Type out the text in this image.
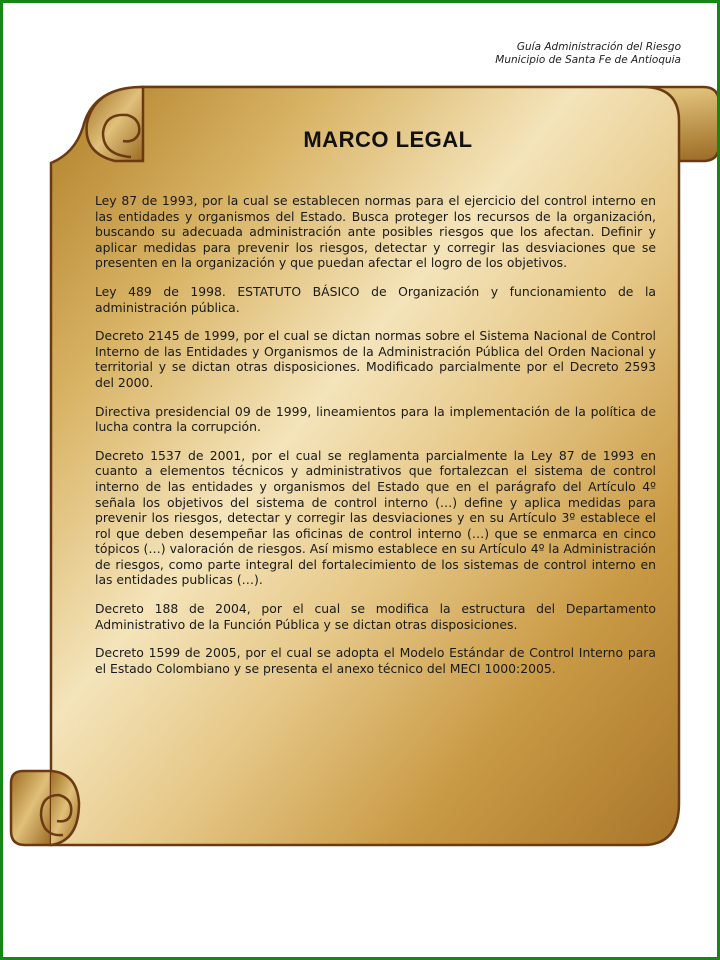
Guía Administración del Riesgo
Municipio de Santa Fe de Antioquia
MARCO LEGAL

Ley 87 de 1993, por la cual se establecen normas para el ejercicio del control interno en las entidades y organismos del Estado. Busca proteger los recursos de la organización, buscando su adecuada administración ante posibles riesgos que los afectan. Definir y aplicar medidas para prevenir los riesgos, detectar y corregir las desviaciones que se presenten en la organización y que puedan afectar el logro de los objetivos.

Ley 489 de 1998. ESTATUTO BÁSICO de Organización y funcionamiento de la administración pública.

Decreto 2145 de 1999, por el cual se dictan normas sobre el Sistema Nacional de Control Interno de las Entidades y Organismos de la Administración Pública del Orden Nacional y territorial y se dictan otras disposiciones. Modificado parcialmente por el Decreto 2593 del 2000.

Directiva presidencial 09 de 1999, lineamientos para la implementación de la política de lucha contra la corrupción.

Decreto 1537 de 2001, por el cual se reglamenta parcialmente la Ley 87 de 1993 en cuanto a elementos técnicos y administrativos que fortalezcan el sistema de control interno de las entidades y organismos del Estado que en el parágrafo del Artículo 4º señala los objetivos del sistema de control interno (…) define y aplica medidas para prevenir los riesgos, detectar y corregir las desviaciones y en su Artículo 3º establece el rol que deben desempeñar las oficinas de control interno (…) que se enmarca en cinco tópicos (…) valoración de riesgos. Así mismo establece en su Artículo 4º la Administración de riesgos, como parte integral del fortalecimiento de los sistemas de control interno en las entidades publicas (…).

Decreto 188 de 2004, por el cual se modifica la estructura del Departamento Administrativo de la Función Pública y se dictan otras disposiciones.

Decreto 1599 de 2005, por el cual se adopta el Modelo Estándar de Control Interno para el Estado Colombiano y se presenta el anexo técnico del MECI 1000:2005.
